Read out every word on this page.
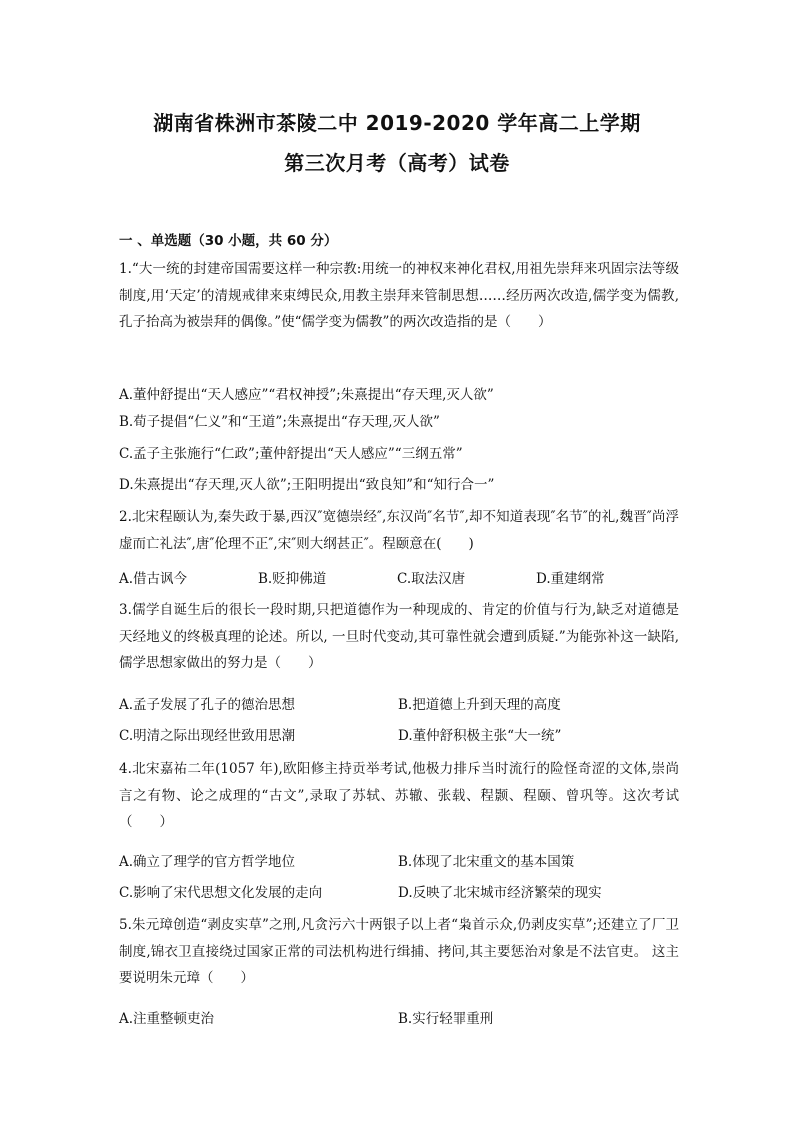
湖南省株洲市茶陵二中 2019-2020 学年高二上学期
第三次月考（高考）试卷
一 、单选题（30 小题，共 60 分）
1.“大一统的封建帝国需要这样一种宗教:用统一的神权来神化君权,用祖先崇拜来巩固宗法等级制度,用‘天定’的清规戒律来束缚民众,用教主崇拜来管制思想……经历两次改造,儒学变为儒教,孔子抬高为被崇拜的偶像。”使“儒学变为儒教”的两次改造指的是（　　）
A.董仲舒提出“天人感应”“君权神授”;朱熹提出“存天理,灭人欲”
B.荀子提倡“仁义”和“王道”;朱熹提出“存天理,灭人欲”
C.孟子主张施行“仁政”;董仲舒提出“天人感应”“三纲五常”
D.朱熹提出“存天理,灭人欲”;王阳明提出“致良知”和“知行合一”
2.北宋程颐认为,秦失政于暴,西汉″宽德崇经″,东汉尚″名节″,却不知道表现″名节″的礼,魏晋″尚浮虚而亡礼法″,唐″伦理不正″,宋″则大纲甚正″。程颐意在(　　)
A.借古讽今	B.贬抑佛道	C.取法汉唐	D.重建纲常
3.儒学自诞生后的很长一段时期,只把道德作为一种现成的、肯定的价值与行为,缺乏对道德是天经地义的终极真理的论述。所以, 一旦时代变动,其可靠性就会遭到质疑.”为能弥补这一缺陷,儒学思想家做出的努力是（　　）
A.孟子发展了孔子的德治思想	B.把道德上升到天理的高度
C.明清之际出现经世致用思潮	D.董仲舒积极主张“大一统”
4.北宋嘉祐二年(1057 年),欧阳修主持贡举考试,他极力排斥当时流行的险怪奇涩的文体,崇尚言之有物、论之成理的“古文”,录取了苏轼、苏辙、张载、程颢、程颐、曾巩等。这次考试（　　）
A.确立了理学的官方哲学地位	B.体现了北宋重文的基本国策
C.影响了宋代思想文化发展的走向	D.反映了北宋城市经济繁荣的现实
5.朱元璋创造“剥皮实草”之刑,凡贪污六十两银子以上者“枭首示众,仍剥皮实草”;还建立了厂卫制度,锦衣卫直接绕过国家正常的司法机构进行缉捕、拷问,其主要惩治对象是不法官吏。 这主要说明朱元璋（　　）
A.注重整顿吏治	B.实行轻罪重刑
